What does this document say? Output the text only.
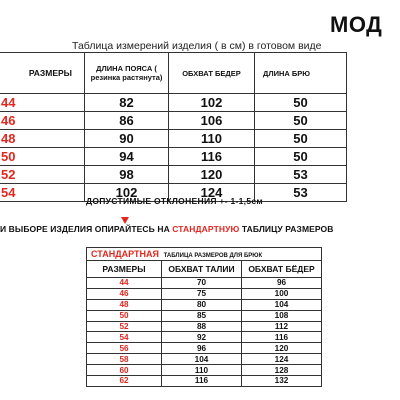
МОД
Таблица измерений изделия ( в см) в готовом виде
РАЗМЕРЫ	ДЛИНА ПОЯСА ( резинка растянута)	ОБХВАТ БЕДЕР	ДЛИНА БРЮ
44	82	102	50
46	86	106	50
48	90	110	50
50	94	116	50
52	98	120	53
54	102	124	53
ДОПУСТИМЫЕ ОТКЛОНЕНИЯ +- 1-1,5см
И ВЫБОРЕ ИЗДЕЛИЯ ОПИРАЙТЕСЬ НА СТАНДАРТНУЮ ТАБЛИЦУ РАЗМЕРОВ
СТАНДАРТНАЯ ТАБЛИЦА РАЗМЕРОВ ДЛЯ БРЮК		
РАЗМЕРЫ	ОБХВАТ ТАЛИИ	ОБХВАТ БЁДЕР
44	70	96
46	75	100
48	80	104
50	85	108
52	88	112
54	92	116
56	96	120
58	104	124
60	110	128
62	116	132
